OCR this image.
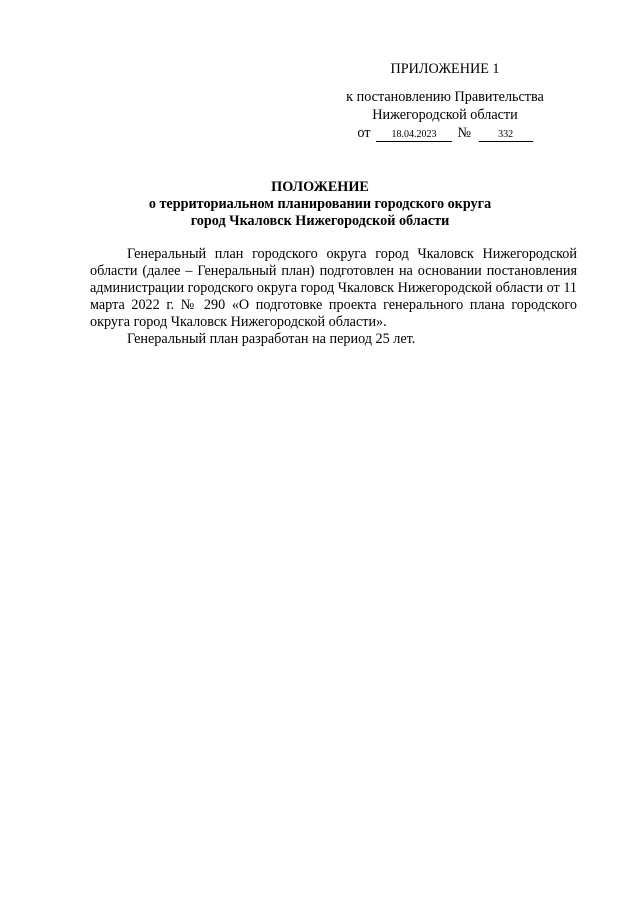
ПРИЛОЖЕНИЕ 1
к постановлению Правительства
Нижегородской области
от 18.04.2023 №	332
ПОЛОЖЕНИЕ
о территориальном планировании городского округа
город Чкаловск Нижегородской области

Генеральный план городского округа город Чкаловск Нижегородской области (далее – Генеральный план) подготовлен на основании постановления администрации городского округа город Чкаловск Нижегородской области от 11 марта 2022 г. № 290 «О подготовке проекта генерального плана городского округа город Чкаловск Нижегородской области».

Генеральный план разработан на период 25 лет.
